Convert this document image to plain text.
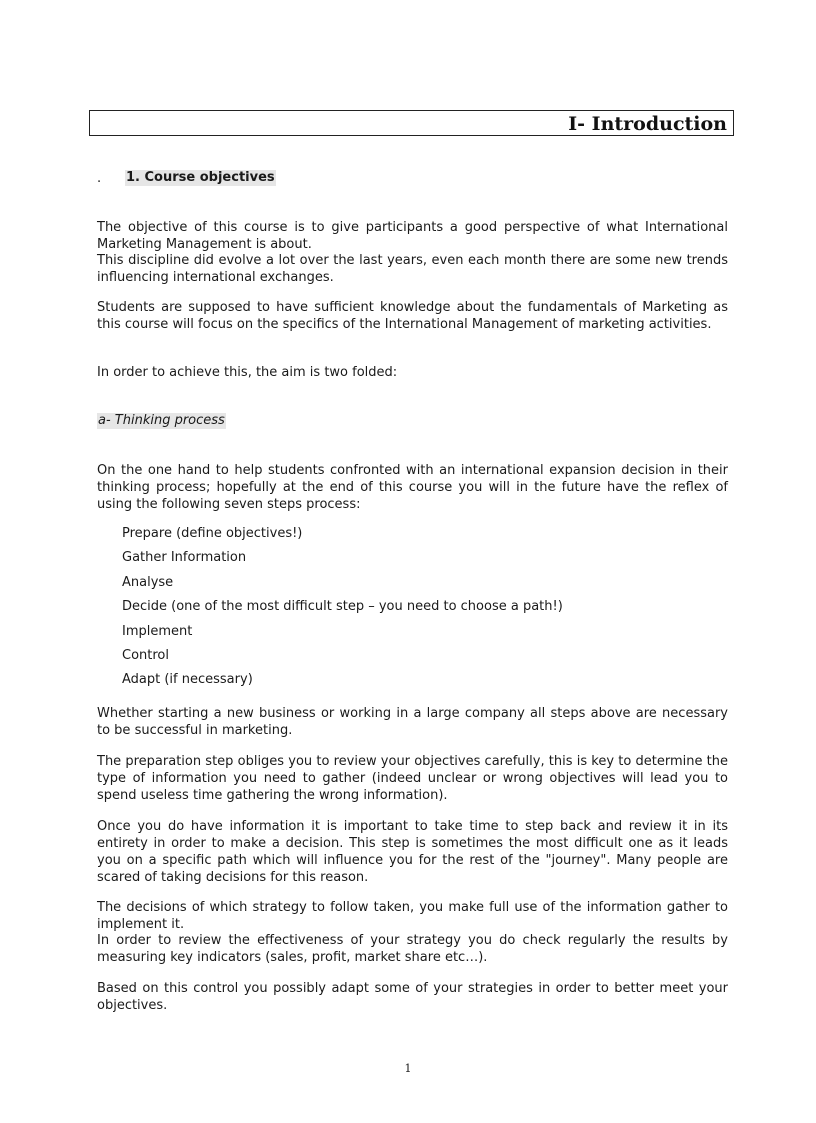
I- Introduction
. 1. Course objectives

The objective of this course is to give participants a good perspective of what International Marketing Management is about.

This discipline did evolve a lot over the last years, even each month there are some new trends influencing international exchanges.

Students are supposed to have sufficient knowledge about the fundamentals of Marketing as this course will focus on the specifics of the International Management of marketing activities.

In order to achieve this, the aim is two folded:

a- Thinking process

On the one hand to help students confronted with an international expansion decision in their thinking process; hopefully at the end of this course you will in the future have the reflex of using the following seven steps process:

Prepare (define objectives!)
Gather Information
Analyse
Decide (one of the most difficult step – you need to choose a path!)
Implement
Control
Adapt (if necessary)

Whether starting a new business or working in a large company all steps above are necessary to be successful in marketing.

The preparation step obliges you to review your objectives carefully, this is key to determine the type of information you need to gather (indeed unclear or wrong objectives will lead you to spend useless time gathering the wrong information).

Once you do have information it is important to take time to step back and review it in its entirety in order to make a decision. This step is sometimes the most difficult one as it leads you on a specific path which will influence you for the rest of the "journey". Many people are scared of taking decisions for this reason.

The decisions of which strategy to follow taken, you make full use of the information gather to implement it.

In order to review the effectiveness of your strategy you do check regularly the results by measuring key indicators (sales, profit, market share etc…).

Based on this control you possibly adapt some of your strategies in order to better meet your objectives.

1
